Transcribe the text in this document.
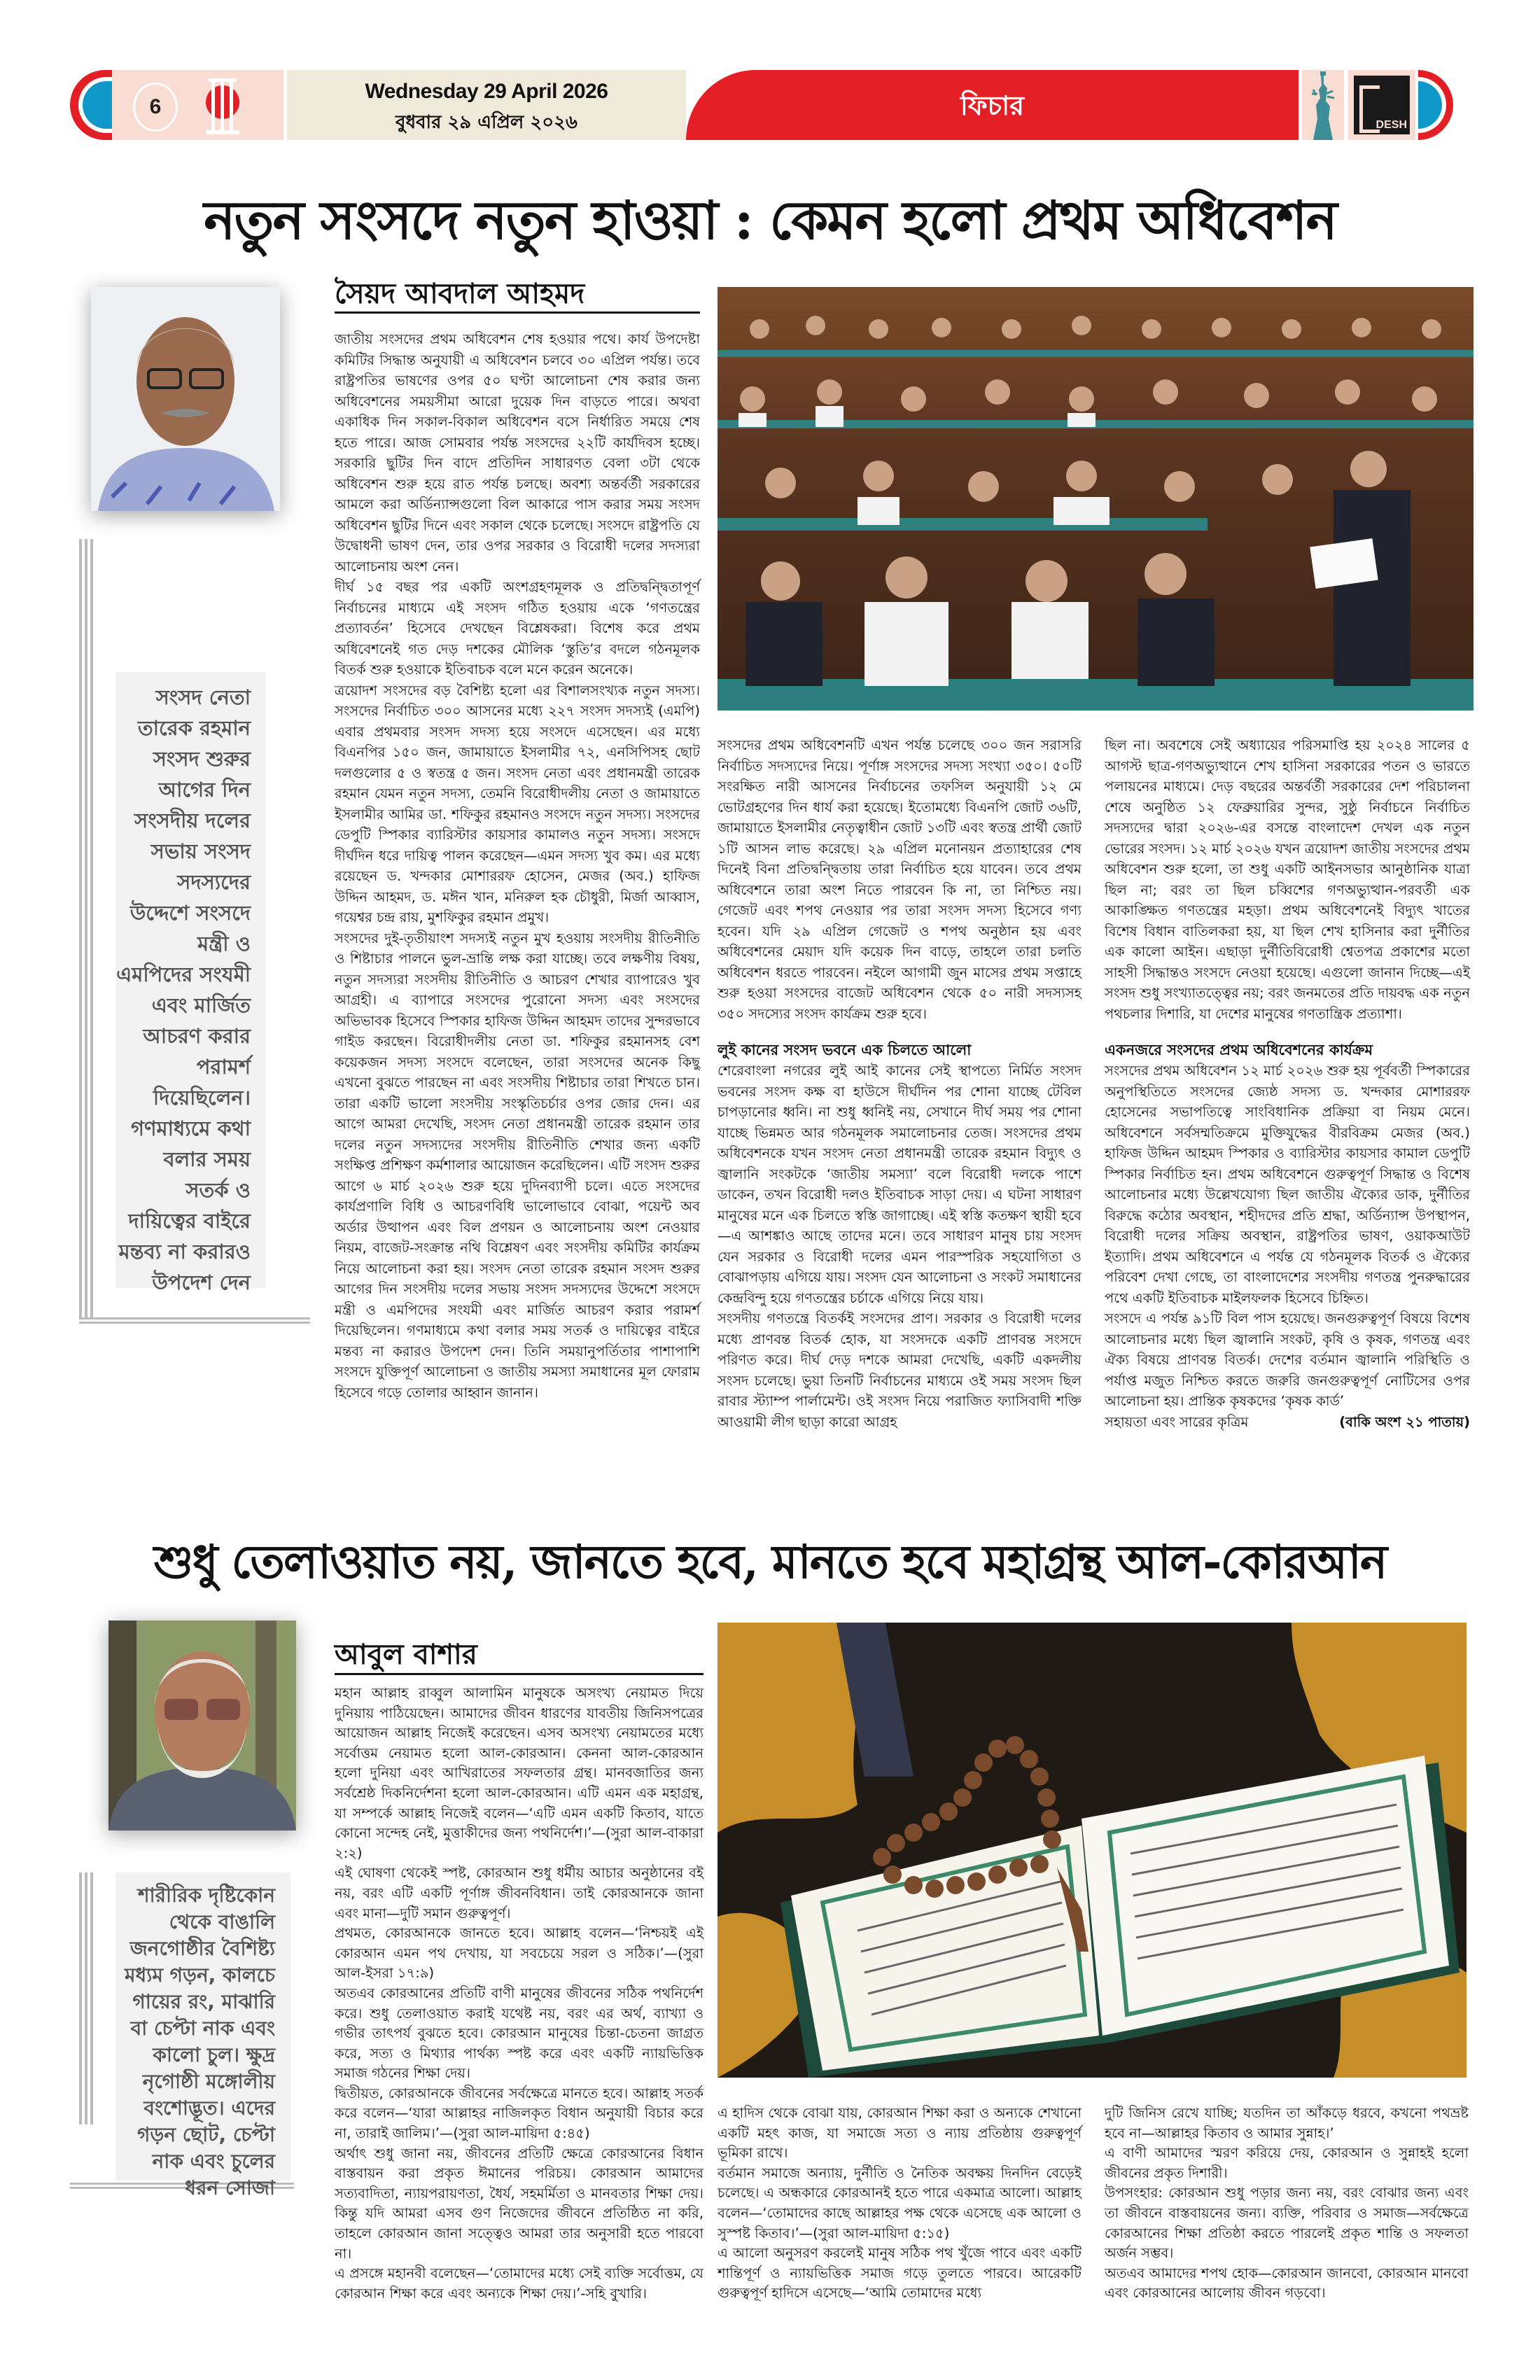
6
Wednesday 29 April 2026
বুধবার ২৯ এপ্রিল ২০২৬
ফিচার
DESH
নতুন সংসদে নতুন হাওয়া : কেমন হলো প্রথম অধিবেশন
সংসদ নেতা তারেক রহমান সংসদ শুরুর আগের দিন সংসদীয় দলের সভায় সংসদ সদস্যদের উদ্দেশে সংসদে মন্ত্রী ও এমপিদের সংযমী এবং মার্জিত আচরণ করার পরামর্শ দিয়েছিলেন। গণমাধ্যমে কথা বলার সময় সতর্ক ও দায়িত্বের বাইরে মন্তব্য না করারও উপদেশ দেন
সৈয়দ আবদাল আহমদ

জাতীয় সংসদের প্রথম অধিবেশন শেষ হওয়ার পথে। কার্য উপদেষ্টা কমিটির সিদ্ধান্ত অনুযায়ী এ অধিবেশন চলবে ৩০ এপ্রিল পর্যন্ত। তবে রাষ্ট্রপতির ভাষণের ওপর ৫০ ঘণ্টা আলোচনা শেষ করার জন্য অধিবেশনের সময়সীমা আরো দুয়েক দিন বাড়তে পারে। অথবা একাধিক দিন সকাল-বিকাল অধিবেশন বসে নির্ধারিত সময়ে শেষ হতে পারে। আজ সোমবার পর্যন্ত সংসদের ২২টি কার্যদিবস হচ্ছে। সরকারি ছুটির দিন বাদে প্রতিদিন সাধারণত বেলা ৩টা থেকে অধিবেশন শুরু হয়ে রাত পর্যন্ত চলছে। অবশ্য অন্তর্বর্তী সরকারের আমলে করা অর্ডিন্যান্সগুলো বিল আকারে পাস করার সময় সংসদ অধিবেশন ছুটির দিনে এবং সকাল থেকে চলেছে। সংসদে রাষ্ট্রপতি যে উদ্বোধনী ভাষণ দেন, তার ওপর সরকার ও বিরোধী দলের সদস্যরা আলোচনায় অংশ নেন।

দীর্ঘ ১৫ বছর পর একটি অংশগ্রহণমূলক ও প্রতিদ্বন্দ্বিতাপূর্ণ নির্বাচনের মাধ্যমে এই সংসদ গঠিত হওয়ায় একে ‘গণতন্ত্রের প্রত্যাবর্তন’ হিসেবে দেখছেন বিশ্লেষকরা। বিশেষ করে প্রথম অধিবেশনেই গত দেড় দশকের মৌলিক ‘স্তুতি’র বদলে গঠনমূলক বিতর্ক শুরু হওয়াকে ইতিবাচক বলে মনে করেন অনেকে।

ত্রয়োদশ সংসদের বড় বৈশিষ্ট্য হলো এর বিশালসংখ্যক নতুন সদস্য। সংসদের নির্বাচিত ৩০০ আসনের মধ্যে ২২৭ সংসদ সদস্যই (এমপি) এবার প্রথমবার সংসদ সদস্য হয়ে সংসদে এসেছেন। এর মধ্যে বিএনপির ১৫০ জন, জামায়াতে ইসলামীর ৭২, এনসিপিসহ ছোট দলগুলোর ৫ ও স্বতন্ত্র ৫ জন। সংসদ নেতা এবং প্রধানমন্ত্রী তারেক রহমান যেমন নতুন সদস্য, তেমনি বিরোধীদলীয় নেতা ও জামায়াতে ইসলামীর আমির ডা. শফিকুর রহমানও সংসদে নতুন সদস্য। সংসদের ডেপুটি স্পিকার ব্যারিস্টার কায়সার কামালও নতুন সদস্য। সংসদে দীর্ঘদিন ধরে দায়িত্ব পালন করেছেন—এমন সদস্য খুব কম। এর মধ্যে রয়েছেন ড. খন্দকার মোশাররফ হোসেন, মেজর (অব.) হাফিজ উদ্দিন আহমদ, ড. মঈন খান, মনিরুল হক চৌধুরী, মির্জা আব্বাস, গয়েশ্বর চন্দ্র রায়, মুশফিকুর রহমান প্রমুখ।

সংসদের দুই-তৃতীয়াংশ সদস্যই নতুন মুখ হওয়ায় সংসদীয় রীতিনীতি ও শিষ্টাচার পালনে ভুল-ভ্রান্তি লক্ষ করা যাচ্ছে। তবে লক্ষণীয় বিষয়, নতুন সদস্যরা সংসদীয় রীতিনীতি ও আচরণ শেখার ব্যাপারেও খুব আগ্রহী। এ ব্যাপারে সংসদের পুরোনো সদস্য এবং সংসদের অভিভাবক হিসেবে স্পিকার হাফিজ উদ্দিন আহমদ তাদের সুন্দরভাবে গাইড করছেন। বিরোধীদলীয় নেতা ডা. শফিকুর রহমানসহ বেশ কয়েকজন সদস্য সংসদে বলেছেন, তারা সংসদের অনেক কিছু এখনো বুঝতে পারছেন না এবং সংসদীয় শিষ্টাচার তারা শিখতে চান। তারা একটি ভালো সংসদীয় সংস্কৃতিচর্চার ওপর জোর দেন। এর আগে আমরা দেখেছি, সংসদ নেতা প্রধানমন্ত্রী তারেক রহমান তার দলের নতুন সদস্যদের সংসদীয় রীতিনীতি শেখার জন্য একটি সংক্ষিপ্ত প্রশিক্ষণ কর্মশালার আয়োজন করেছিলেন। এটি সংসদ শুরুর আগে ৬ মার্চ ২০২৬ শুরু হয়ে দুদিনব্যাপী চলে। এতে সংসদের কার্যপ্রণালি বিধি ও আচরণবিধি ভালোভাবে বোঝা, পয়েন্ট অব অর্ডার উত্থাপন এবং বিল প্রণয়ন ও আলোচনায় অংশ নেওয়ার নিয়ম, বাজেট-সংক্রান্ত নথি বিশ্লেষণ এবং সংসদীয় কমিটির কার্যক্রম নিয়ে আলোচনা করা হয়। সংসদ নেতা তারেক রহমান সংসদ শুরুর আগের দিন সংসদীয় দলের সভায় সংসদ সদস্যদের উদ্দেশে সংসদে মন্ত্রী ও এমপিদের সংযমী এবং মার্জিত আচরণ করার পরামর্শ দিয়েছিলেন। গণমাধ্যমে কথা বলার সময় সতর্ক ও দায়িত্বের বাইরে মন্তব্য না করারও উপদেশ দেন। তিনি সময়ানুপর্তিতার পাশাপাশি সংসদে যুক্তিপূর্ণ আলোচনা ও জাতীয় সমস্যা সমাধানের মূল ফোরাম হিসেবে গড়ে তোলার আহ্বান জানান।

সংসদের প্রথম অধিবেশনটি এখন পর্যন্ত চলেছে ৩০০ জন সরাসরি নির্বাচিত সদস্যদের নিয়ে। পূর্ণাঙ্গ সংসদের সদস্য সংখ্যা ৩৫০। ৫০টি সংরক্ষিত নারী আসনের নির্বাচনের তফসিল অনুযায়ী ১২ মে ভোটগ্রহণের দিন ধার্য করা হয়েছে। ইতোমধ্যে বিএনপি জোট ৩৬টি, জামায়াতে ইসলামীর নেতৃত্বাধীন জোট ১৩টি এবং স্বতন্ত্র প্রার্থী জোট ১টি আসন লাভ করেছে। ২৯ এপ্রিল মনোনয়ন প্রত্যাহারের শেষ দিনেই বিনা প্রতিদ্বন্দ্বিতায় তারা নির্বাচিত হয়ে যাবেন। তবে প্রথম অধিবেশনে তারা অংশ নিতে পারবেন কি না, তা নিশ্চিত নয়। গেজেট এবং শপথ নেওয়ার পর তারা সংসদ সদস্য হিসেবে গণ্য হবেন। যদি ২৯ এপ্রিল গেজেট ও শপথ অনুষ্ঠান হয় এবং অধিবেশনের মেয়াদ যদি কয়েক দিন বাড়ে, তাহলে তারা চলতি অধিবেশন ধরতে পারবেন। নইলে আগামী জুন মাসের প্রথম সপ্তাহে শুরু হওয়া সংসদের বাজেট অধিবেশন থেকে ৫০ নারী সদস্যসহ ৩৫০ সদস্যের সংসদ কার্যক্রম শুরু হবে।

লুই কানের সংসদ ভবনে এক চিলতে আলো

শেরেবাংলা নগরের লুই আই কানের সেই স্থাপত্যে নির্মিত সংসদ ভবনের সংসদ কক্ষ বা হাউসে দীর্ঘদিন পর শোনা যাচ্ছে টেবিল চাপড়ানোর ধ্বনি। না শুধু ধ্বনিই নয়, সেখানে দীর্ঘ সময় পর শোনা যাচ্ছে ভিন্নমত আর গঠনমূলক সমালোচনার তেজ। সংসদের প্রথম অধিবেশনকে যখন সংসদ নেতা প্রধানমন্ত্রী তারেক রহমান বিদ্যুৎ ও জ্বালানি সংকটকে ‘জাতীয় সমস্যা’ বলে বিরোধী দলকে পাশে ডাকেন, তখন বিরোধী দলও ইতিবাচক সাড়া দেয়। এ ঘটনা সাধারণ মানুষের মনে এক চিলতে স্বস্তি জাগাচ্ছে। এই স্বস্তি কতক্ষণ স্থায়ী হবে—এ আশঙ্কাও আছে তাদের মনে। তবে সাধারণ মানুষ চায় সংসদ যেন সরকার ও বিরোধী দলের এমন পারস্পরিক সহযোগিতা ও বোঝাপড়ায় এগিয়ে যায়। সংসদ যেন আলোচনা ও সংকট সমাধানের কেন্দ্রবিন্দু হয়ে গণতন্ত্রের চর্চাকে এগিয়ে নিয়ে যায়।

সংসদীয় গণতন্ত্রে বিতর্কই সংসদের প্রাণ। সরকার ও বিরোধী দলের মধ্যে প্রাণবন্ত বিতর্ক হোক, যা সংসদকে একটি প্রাণবন্ত সংসদে পরিণত করে। দীর্ঘ দেড় দশকে আমরা দেখেছি, একটি একদলীয় সংসদ চলেছে। ভুয়া তিনটি নির্বাচনের মাধ্যমে ওই সময় সংসদ ছিল রাবার স্ট্যাম্প পার্লামেন্ট। ওই সংসদ নিয়ে পরাজিত ফ্যাসিবাদী শক্তি আওয়ামী লীগ ছাড়া কারো আগ্রহ

ছিল না। অবশেষে সেই অধ্যায়ের পরিসমাপ্তি হয় ২০২৪ সালের ৫ আগস্ট ছাত্র-গণঅভ্যুত্থানে শেখ হাসিনা সরকারের পতন ও ভারতে পলায়নের মাধ্যমে। দেড় বছরের অন্তর্বর্তী সরকারের দেশ পরিচালনা শেষে অনুষ্ঠিত ১২ ফেব্রুয়ারির সুন্দর, সুষ্ঠু নির্বাচনে নির্বাচিত সদস্যদের দ্বারা ২০২৬-এর বসন্তে বাংলাদেশ দেখল এক নতুন ভোরের সংসদ। ১২ মার্চ ২০২৬ যখন ত্রয়োদশ জাতীয় সংসদের প্রথম অধিবেশন শুরু হলো, তা শুধু একটি আইনসভার আনুষ্ঠানিক যাত্রা ছিল না; বরং তা ছিল চব্বিশের গণঅভ্যুত্থান-পরবর্তী এক আকাঙ্ক্ষিত গণতন্ত্রের মহড়া। প্রথম অধিবেশনেই বিদ্যুৎ খাতের বিশেষ বিধান বাতিলকরা হয়, যা ছিল শেখ হাসিনার করা দুর্নীতির এক কালো আইন। এছাড়া দুর্নীতিবিরোধী শ্বেতপত্র প্রকাশের মতো সাহসী সিদ্ধান্তও সংসদে নেওয়া হয়েছে। এগুলো জানান দিচ্ছে—এই সংসদ শুধু সংখ্যাতত্ত্বের নয়; বরং জনমতের প্রতি দায়বদ্ধ এক নতুন পথচলার দিশারি, যা দেশের মানুষের গণতান্ত্রিক প্রত্যাশা।

একনজরে সংসদের প্রথম অধিবেশনের কার্যক্রম

সংসদের প্রথম অধিবেশন ১২ মার্চ ২০২৬ শুরু হয় পূর্ববর্তী স্পিকারের অনুপস্থিতিতে সংসদের জ্যেষ্ঠ সদস্য ড. খন্দকার মোশাররফ হোসেনের সভাপতিত্বে সাংবিধানিক প্রক্রিয়া বা নিয়ম মেনে। অধিবেশনে সর্বসম্মতিক্রমে মুক্তিযুদ্ধের বীরবিক্রম মেজর (অব.) হাফিজ উদ্দিন আহমদ স্পিকার ও ব্যারিস্টার কায়সার কামাল ডেপুটি স্পিকার নির্বাচিত হন। প্রথম অধিবেশনে গুরুত্বপূর্ণ সিদ্ধান্ত ও বিশেষ আলোচনার মধ্যে উল্লেখযোগ্য ছিল জাতীয় ঐক্যের ডাক, দুর্নীতির বিরুদ্ধে কঠোর অবস্থান, শহীদদের প্রতি শ্রদ্ধা, অর্ডিন্যান্স উপস্থাপন, বিরোধী দলের সক্রিয় অবস্থান, রাষ্ট্রপতির ভাষণ, ওয়াকআউট ইত্যাদি। প্রথম অধিবেশনে এ পর্যন্ত যে গঠনমূলক বিতর্ক ও ঐক্যের পরিবেশ দেখা গেছে, তা বাংলাদেশের সংসদীয় গণতন্ত্র পুনরুদ্ধারের পথে একটি ইতিবাচক মাইলফলক হিসেবে চিহ্নিত।

সংসদে এ পর্যন্ত ৯১টি বিল পাস হয়েছে। জনগুরুত্বপূর্ণ বিষয়ে বিশেষ আলোচনার মধ্যে ছিল জ্বালানি সংকট, কৃষি ও কৃষক, গণতন্ত্র এবং ঐক্য বিষয়ে প্রাণবন্ত বিতর্ক। দেশের বর্তমান জ্বালানি পরিস্থিতি ও পর্যাপ্ত মজুত নিশ্চিত করতে জরুরি জনগুরুত্বপূর্ণ নোটিসের ওপর আলোচনা হয়। প্রান্তিক কৃষকদের ‘কৃষক কার্ড’

সহায়তা এবং সারের কৃত্রিম	(বাকি অংশ ২১ পাতায়)
শুধু তেলাওয়াত নয়, জানতে হবে, মানতে হবে মহাগ্রন্থ আল-কোরআন
শারীরিক দৃষ্টিকোন থেকে বাঙালি জনগোষ্ঠীর বৈশিষ্ট্য মধ্যম গড়ন, কালচে গায়ের রং, মাঝারি বা চেপ্টা নাক এবং কালো চুল। ক্ষুদ্র নৃগোষ্ঠী মঙ্গোলীয় বংশোদ্ভূত। এদের গড়ন ছোট, চেপ্টা নাক এবং চুলের ধরন সোজা
আবুল বাশার

মহান আল্লাহ রাব্বুল আলামিন মানুষকে অসংখ্য নেয়ামত দিয়ে দুনিয়ায় পাঠিয়েছেন। আমাদের জীবন ধারণের যাবতীয় জিনিসপত্রের আয়োজন আল্লাহ নিজেই করেছেন। এসব অসংখ্য নেয়ামতের মধ্যে সর্বোত্তম নেয়ামত হলো আল-কোরআন। কেননা আল-কোরআন হলো দুনিয়া এবং আখিরাতের সফলতার গ্রন্থ। মানবজাতির জন্য সর্বশ্রেষ্ঠ দিকনির্দেশনা হলো আল-কোরআন। এটি এমন এক মহাগ্রন্থ, যা সম্পর্কে আল্লাহ নিজেই বলেন—‘এটি এমন একটি কিতাব, যাতে কোনো সন্দেহ নেই, মুত্তাকীদের জন্য পথনির্দেশ।’—(সুরা আল-বাকারা ২:২)

এই ঘোষণা থেকেই স্পষ্ট, কোরআন শুধু ধর্মীয় আচার অনুষ্ঠানের বই নয়, বরং এটি একটি পূর্ণাঙ্গ জীবনবিধান। তাই কোরআনকে জানা এবং মানা—দুটি সমান গুরুত্বপূর্ণ।

প্রথমত, কোরআনকে জানতে হবে। আল্লাহ বলেন—‘নিশ্চয়ই এই কোরআন এমন পথ দেখায়, যা সবচেয়ে সরল ও সঠিক।’—(সুরা আল-ইসরা ১৭:৯)

অতএব কোরআনের প্রতিটি বাণী মানুষের জীবনের সঠিক পথনির্দেশ করে। শুধু তেলাওয়াত করাই যথেষ্ট নয়, বরং এর অর্থ, ব্যাখ্যা ও গভীর তাৎপর্য বুঝতে হবে। কোরআন মানুষের চিন্তা-চেতনা জাগ্রত করে, সত্য ও মিথ্যার পার্থক্য স্পষ্ট করে এবং একটি ন্যায়ভিত্তিক সমাজ গঠনের শিক্ষা দেয়।

দ্বিতীয়ত, কোরআনকে জীবনের সর্বক্ষেত্রে মানতে হবে। আল্লাহ সতর্ক করে বলেন—‘যারা আল্লাহর নাজিলকৃত বিধান অনুযায়ী বিচার করে না, তারাই জালিম।’—(সুরা আল-মায়িদা ৫:৪৫)

অর্থাৎ শুধু জানা নয়, জীবনের প্রতিটি ক্ষেত্রে কোরআনের বিধান বাস্তবায়ন করা প্রকৃত ঈমানের পরিচয়। কোরআন আমাদের সত্যবাদিতা, ন্যায়পরায়ণতা, ধৈর্য, সহমর্মিতা ও মানবতার শিক্ষা দেয়। কিন্তু যদি আমরা এসব গুণ নিজেদের জীবনে প্রতিষ্ঠিত না করি, তাহলে কোরআন জানা সত্ত্বেও আমরা তার অনুসারী হতে পারবো না।

এ প্রসঙ্গে মহানবী বলেছেন—‘তোমাদের মধ্যে সেই ব্যক্তি সর্বোত্তম, যে কোরআন শিক্ষা করে এবং অন্যকে শিক্ষা দেয়।’-সহি বুখারি।

এ হাদিস থেকে বোঝা যায়, কোরআন শিক্ষা করা ও অন্যকে শেখানো একটি মহৎ কাজ, যা সমাজে সত্য ও ন্যায় প্রতিষ্ঠায় গুরুত্বপূর্ণ ভূমিকা রাখে।

বর্তমান সমাজে অন্যায়, দুর্নীতি ও নৈতিক অবক্ষয় দিনদিন বেড়েই চলেছে। এ অন্ধকারে কোরআনই হতে পারে একমাত্র আলো। আল্লাহ বলেন—‘তোমাদের কাছে আল্লাহর পক্ষ থেকে এসেছে এক আলো ও সুস্পষ্ট কিতাব।’—(সুরা আল-মায়িদা ৫:১৫)

এ আলো অনুসরণ করলেই মানুষ সঠিক পথ খুঁজে পাবে এবং একটি শান্তিপূর্ণ ও ন্যায়ভিত্তিক সমাজ গড়ে তুলতে পারবে। আরেকটি গুরুত্বপূর্ণ হাদিসে এসেছে—‘আমি তোমাদের মধ্যে

দুটি জিনিস রেখে যাচ্ছি; যতদিন তা আঁকড়ে ধরবে, কখনো পথভ্রষ্ট হবে না—আল্লাহর কিতাব ও আমার সুন্নাহ।’

এ বাণী আমাদের স্মরণ করিয়ে দেয়, কোরআন ও সুন্নাহই হলো জীবনের প্রকৃত দিশারী।

উপসংহার: কোরআন শুধু পড়ার জন্য নয়, বরং বোঝার জন্য এবং তা জীবনে বাস্তবায়নের জন্য। ব্যক্তি, পরিবার ও সমাজ—সর্বক্ষেত্রে কোরআনের শিক্ষা প্রতিষ্ঠা করতে পারলেই প্রকৃত শান্তি ও সফলতা অর্জন সম্ভব।

অতএব আমাদের শপথ হোক—কোরআন জানবো, কোরআন মানবো এবং কোরআনের আলোয় জীবন গড়বো।
